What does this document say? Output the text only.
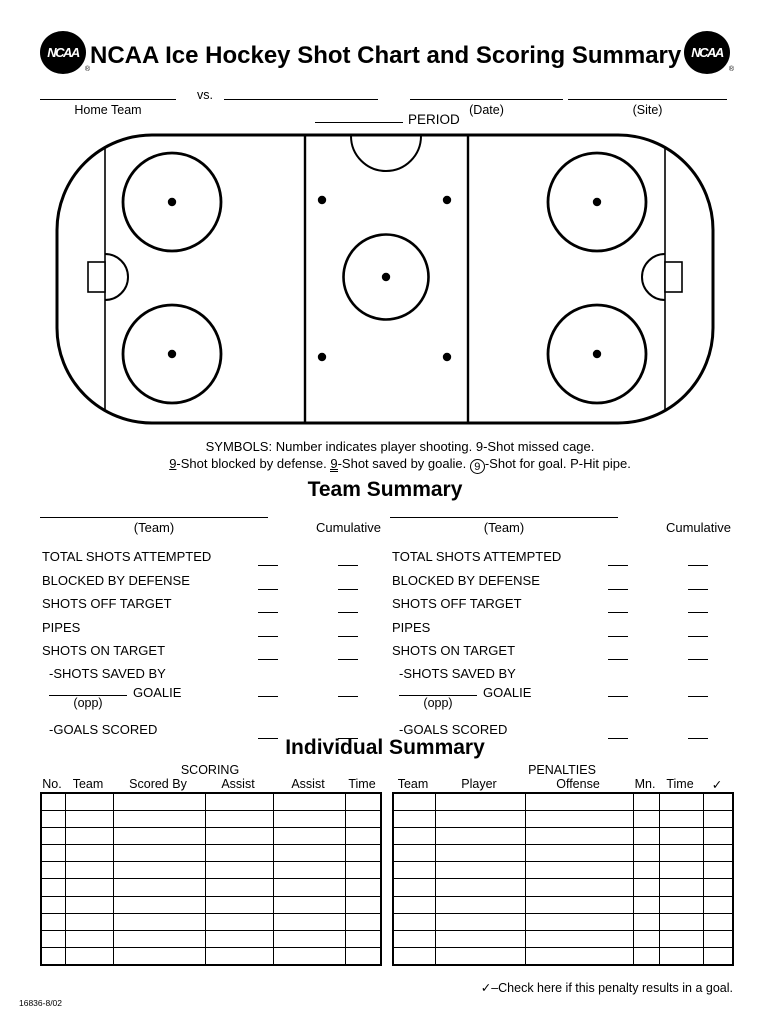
NCAA
®
NCAA Ice Hockey Shot Chart and Scoring Summary NCAA
®
Home Team
vs.
(Date)	(Site)
PERIOD
SYMBOLS: Number indicates player shooting. 9-Shot missed cage.
9-Shot blocked by defense. 9-Shot saved by goalie. 9 -Shot for goal. P-Hit pipe.
Team Summary
(Team)	Cumulative
TOTAL SHOTS ATTEMPTED
BLOCKED BY DEFENSE
SHOTS OFF TARGET
PIPES
SHOTS ON TARGET
-SHOTS SAVED BY
(opp)
GOALIE
-GOALS SCORED
(Team)	Cumulative
TOTAL SHOTS ATTEMPTED
BLOCKED BY DEFENSE
SHOTS OFF TARGET
PIPES
SHOTS ON TARGET
-SHOTS SAVED BY
(opp)
GOALIE
-GOALS SCORED
Individual Summary
SCORING	PENALTIES
No. Team	Scored By	Assist	Assist	Time	Team	Player	Offense	Mn. Time	✓

✓–Check here if this penalty results in a goal.
16836-8/02
